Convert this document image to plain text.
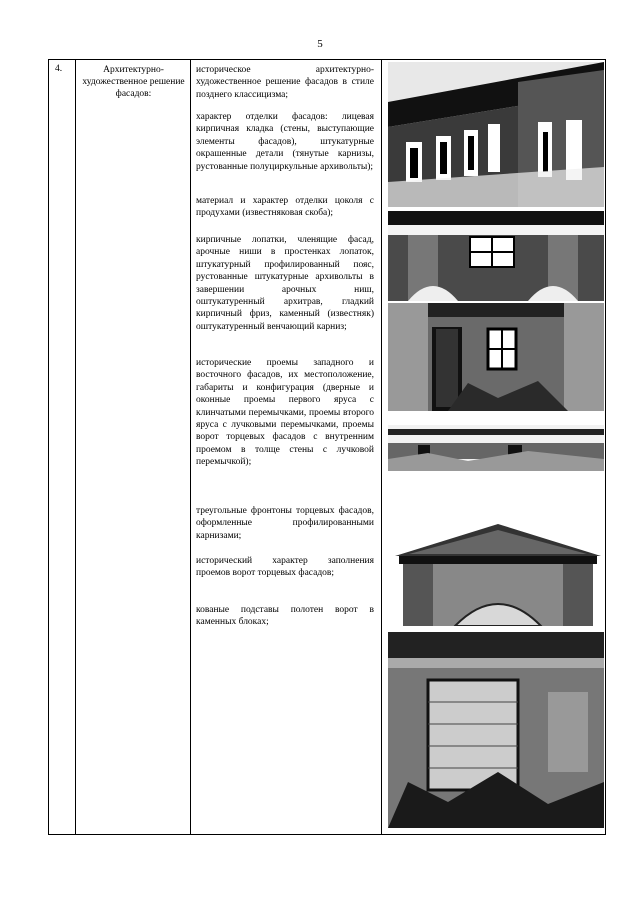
5
4.	Архитектурно-художественное решение фасадов:
историческое архитектурно-художественное решение фасадов в стиле позднего классицизма;
характер отделки фасадов: лицевая кирпичная кладка (стены, выступающие элементы фасадов), штукатурные окрашенные детали (тянутые карнизы, рустованные полуциркульные архивольты);
материал и характер отделки цоколя с продухами (известняковая скоба);
кирпичные лопатки, членящие фасад, арочные ниши в простенках лопаток, штукатурный профилированный пояс, рустованные штукатурные архивольты в завершении арочных ниш, оштукатуренный архитрав, гладкий кирпичный фриз, каменный (известняк) оштукатуренный венчающий карниз;
исторические проемы западного и восточного фасадов, их местоположение, габариты и конфигурация (дверные и оконные проемы первого яруса с клинчатыми перемычками, проемы второго яруса с лучковыми перемычками, проемы ворот торцевых фасадов с внутренним проемом в толще стены с лучковой перемычкой);
треугольные фронтоны торцевых фасадов, оформленные профилированными карнизами;
исторический характер заполнения проемов ворот торцевых фасадов;
кованые подставы полотен ворот в каменных блоках;
